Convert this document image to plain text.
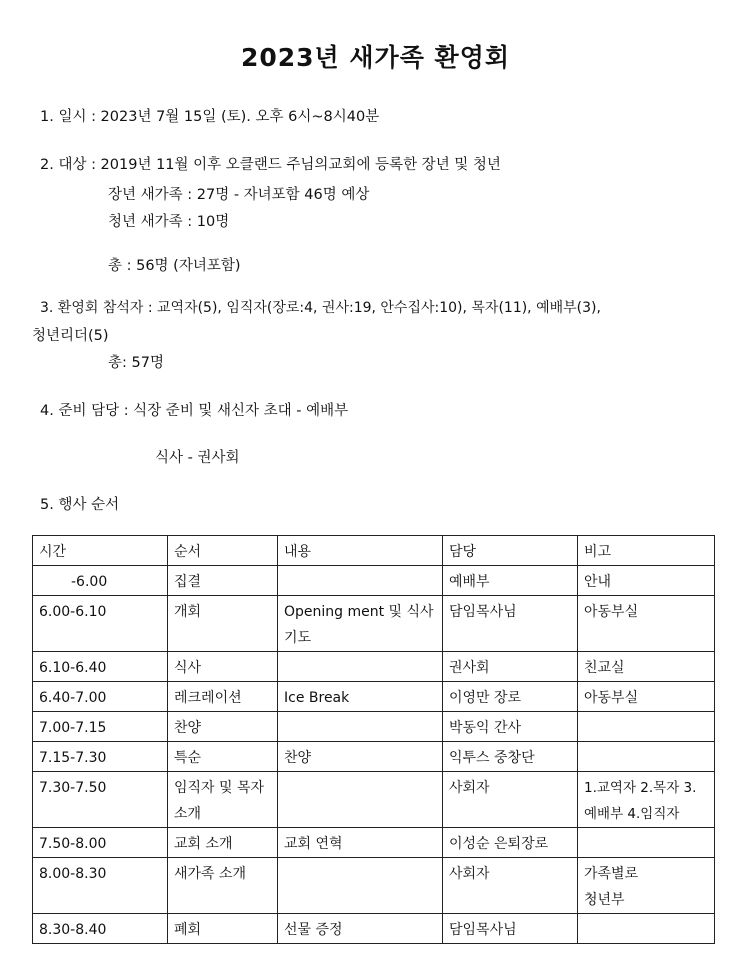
2023년 새가족 환영회
1. 일시 : 2023년 7월 15일 (토). 오후 6시~8시40분
2. 대상 : 2019년 11월 이후 오클랜드 주님의교회에 등록한 장년 및 청년
장년 새가족 : 27명 - 자녀포함 46명 예상
청년 새가족 : 10명
총 : 56명 (자녀포함)
3. 환영회 참석자 : 교역자(5), 임직자(장로:4, 권사:19, 안수집사:10), 목자(11), 예배부(3),
청년리더(5)
총: 57명
4. 준비 담당 : 식장 준비 및 새신자 초대 - 예배부
식사 - 권사회
5. 행사 순서
시간	순서	내용	담당	비고
-6.00	집결		예배부	안내
6.00-6.10	개회	Opening ment 및 식사 기도	담임목사님	아동부실
6.10-6.40	식사		권사회	친교실
6.40-7.00	레크레이션	Ice Break	이영만 장로	아동부실
7.00-7.15	찬양		박동익 간사	
7.15-7.30	특순	찬양	익투스 중창단	
7.30-7.50	임직자 및 목자 소개		사회자	1.교역자 2.목자 3.예배부 4.임직자
7.50-8.00	교회 소개	교회 연혁	이성순 은퇴장로	
8.00-8.30	새가족 소개		사회자	가족별로 청년부
8.30-8.40	폐회	선물 증정	담임목사님	
